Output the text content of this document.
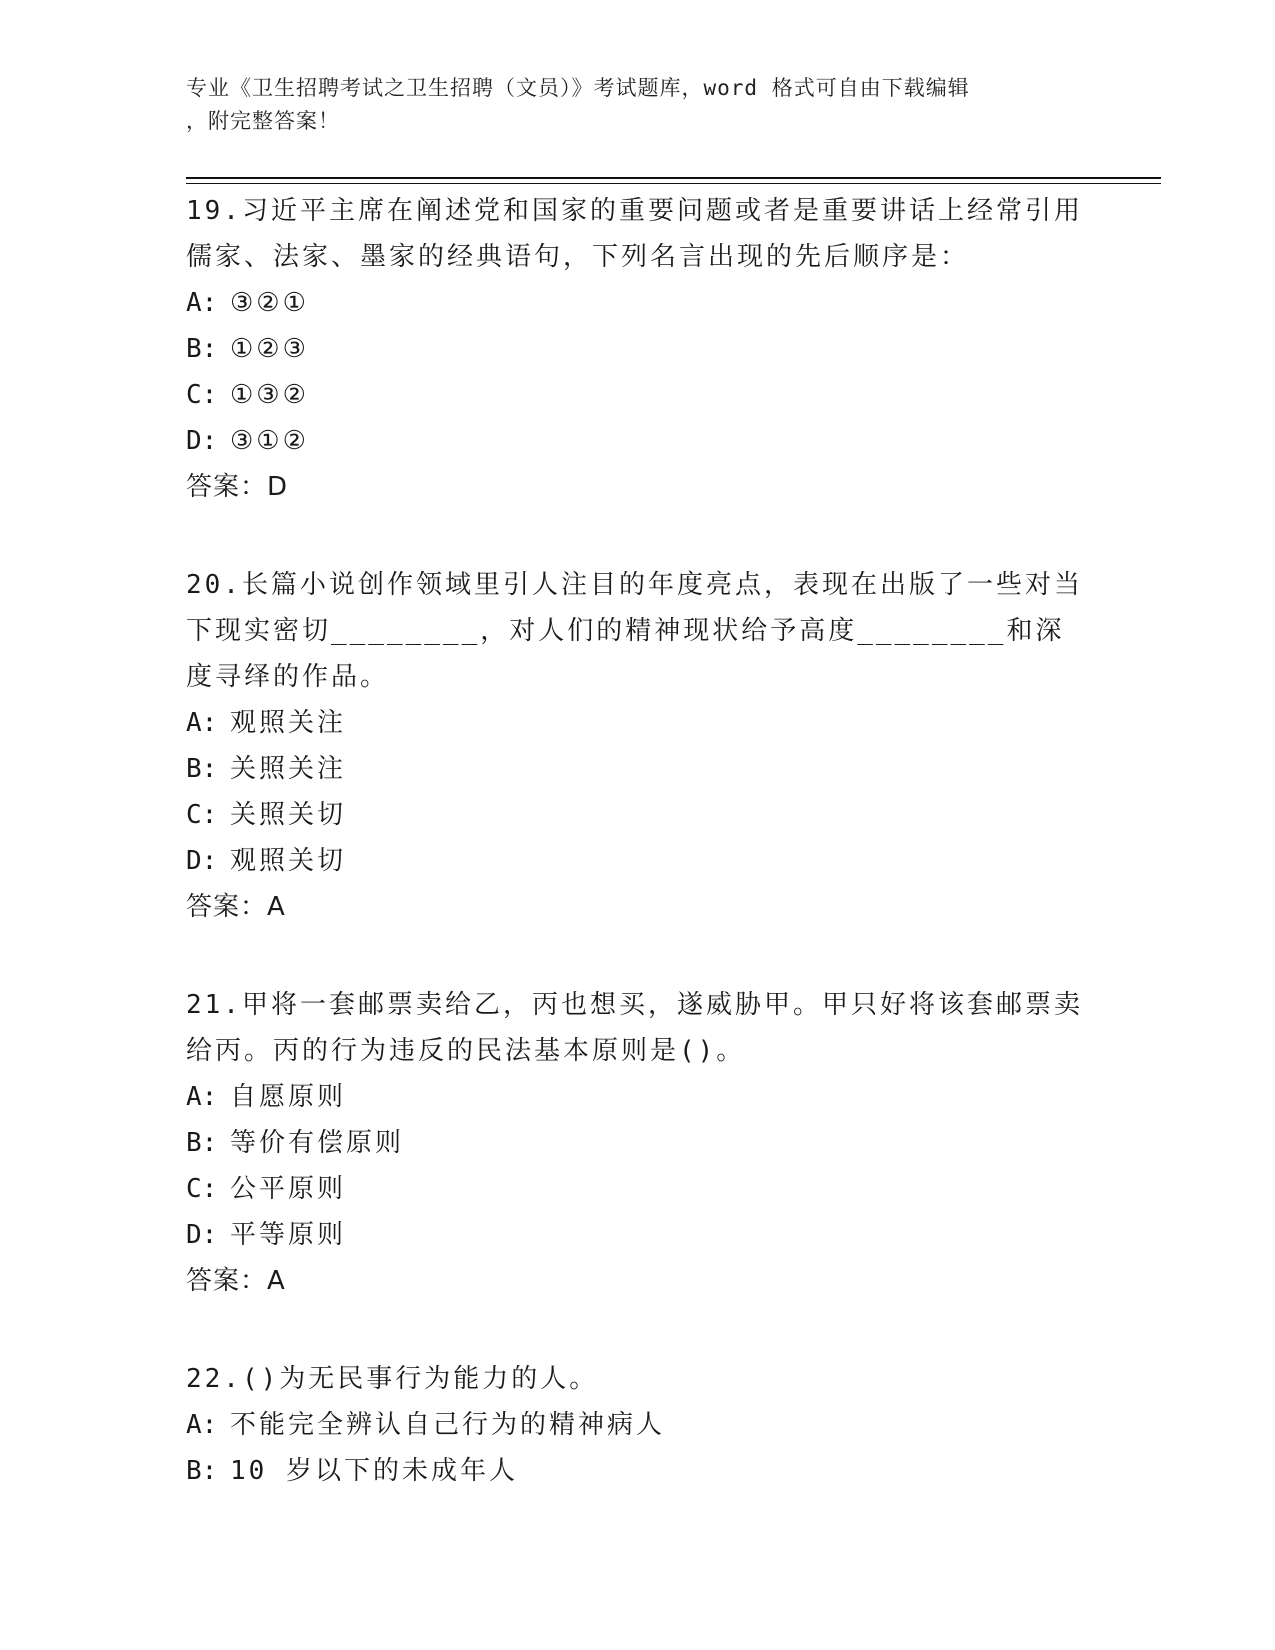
专业《卫生招聘考试之卫生招聘（文员）》考试题库，word 格式可自由下载编辑
，附完整答案！

19.习近平主席在阐述党和国家的重要问题或者是重要讲话上经常引用儒家、法家、墨家的经典语句，下列名言出现的先后顺序是：

A: ③②①

B: ①②③

C: ①③②

D: ③①②

答案：D

20.长篇小说创作领域里引人注目的年度亮点，表现在出版了一些对当下现实密切________，对人们的精神现状给予高度________和深度寻绎的作品。

A: 观照关注

B: 关照关注

C: 关照关切

D: 观照关切

答案：A

21.甲将一套邮票卖给乙，丙也想买，遂威胁甲。甲只好将该套邮票卖给丙。丙的行为违反的民法基本原则是()。

A: 自愿原则

B: 等价有偿原则

C: 公平原则

D: 平等原则

答案：A

22.()为无民事行为能力的人。

A: 不能完全辨认自己行为的精神病人

B: 10 岁以下的未成年人
